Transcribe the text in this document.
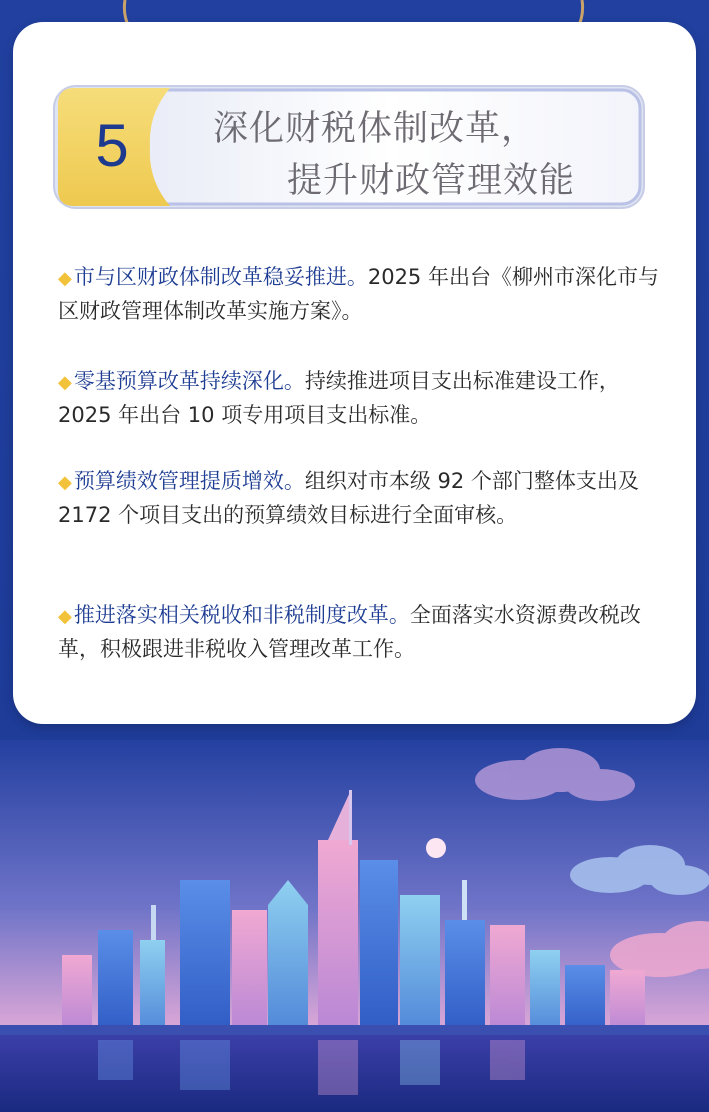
5	深化财税体制改革，
提升财政管理效能
◆市与区财政体制改革稳妥推进。2025 年出台《柳州市深化市与区财政管理体制改革实施方案》。
◆零基预算改革持续深化。持续推进项目支出标准建设工作，2025 年出台 10 项专用项目支出标准。
◆预算绩效管理提质增效。组织对市本级 92 个部门整体支出及 2172 个项目支出的预算绩效目标进行全面审核。
◆推进落实相关税收和非税制度改革。全面落实水资源费改税改革，积极跟进非税收入管理改革工作。
